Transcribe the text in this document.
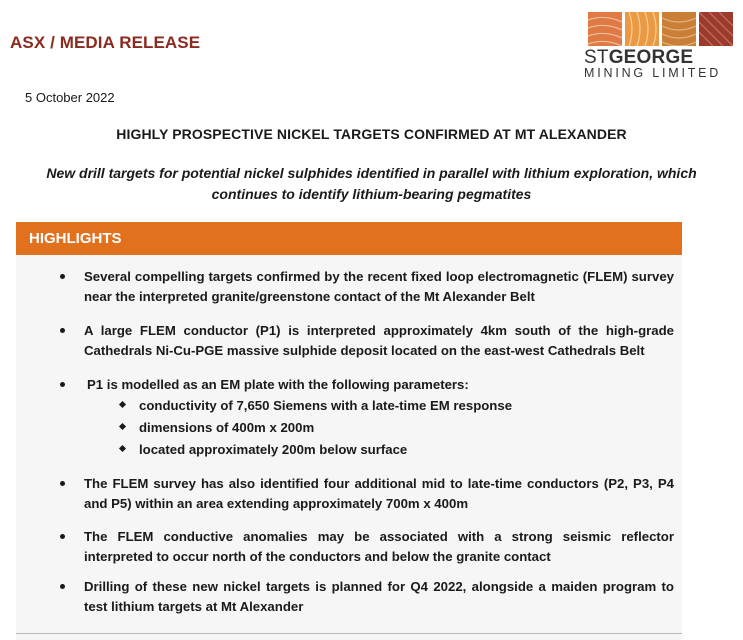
ASX / MEDIA RELEASE
STGEORGE
MINING LIMITED
5 October 2022
HIGHLY PROSPECTIVE NICKEL TARGETS CONFIRMED AT MT ALEXANDER
New drill targets for potential nickel sulphides identified in parallel with lithium exploration, which continues to identify lithium-bearing pegmatites
HIGHLIGHTS
Several compelling targets confirmed by the recent fixed loop electromagnetic (FLEM) survey near the interpreted granite/greenstone contact of the Mt Alexander Belt
A large FLEM conductor (P1) is interpreted approximately 4km south of the high-grade Cathedrals Ni-Cu-PGE massive sulphide deposit located on the east-west Cathedrals Belt
P1 is modelled as an EM plate with the following parameters:
conductivity of 7,650 Siemens with a late-time EM response
dimensions of 400m x 200m
located approximately 200m below surface
The FLEM survey has also identified four additional mid to late-time conductors (P2, P3, P4 and P5) within an area extending approximately 700m x 400m
The FLEM conductive anomalies may be associated with a strong seismic reflector interpreted to occur north of the conductors and below the granite contact
Drilling of these new nickel targets is planned for Q4 2022, alongside a maiden program to test lithium targets at Mt Alexander
